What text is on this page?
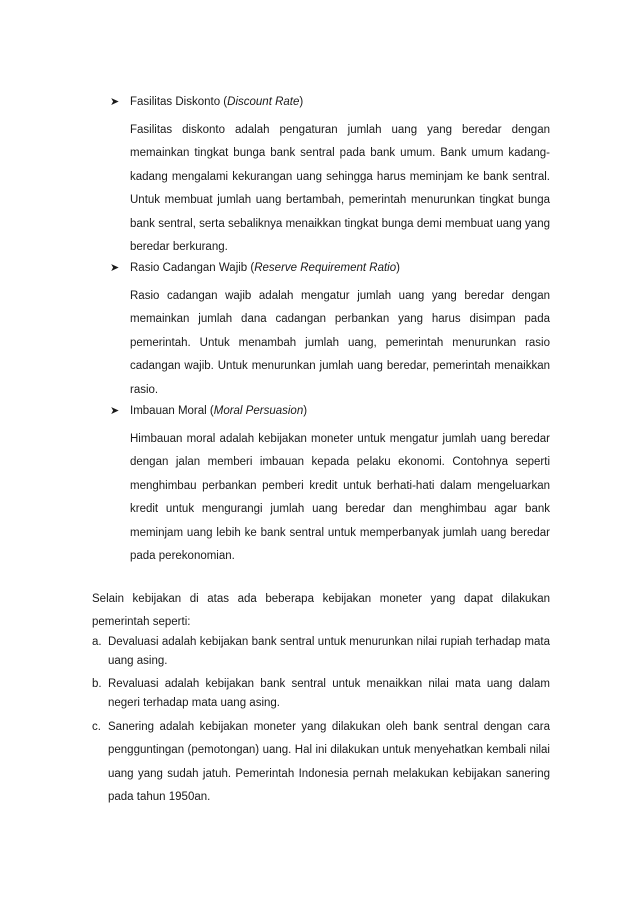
➤ Fasilitas Diskonto (Discount Rate)
Fasilitas diskonto adalah pengaturan jumlah uang yang beredar dengan memainkan tingkat bunga bank sentral pada bank umum. Bank umum kadang-kadang mengalami kekurangan uang sehingga harus meminjam ke bank sentral. Untuk membuat jumlah uang bertambah, pemerintah menurunkan tingkat bunga bank sentral, serta sebaliknya menaikkan tingkat bunga demi membuat uang yang beredar berkurang.
➤ Rasio Cadangan Wajib (Reserve Requirement Ratio)
Rasio cadangan wajib adalah mengatur jumlah uang yang beredar dengan memainkan jumlah dana cadangan perbankan yang harus disimpan pada pemerintah. Untuk menambah jumlah uang, pemerintah menurunkan rasio cadangan wajib. Untuk menurunkan jumlah uang beredar, pemerintah menaikkan rasio.
➤ Imbauan Moral (Moral Persuasion)
Himbauan moral adalah kebijakan moneter untuk mengatur jumlah uang beredar dengan jalan memberi imbauan kepada pelaku ekonomi. Contohnya seperti menghimbau perbankan pemberi kredit untuk berhati-hati dalam mengeluarkan kredit untuk mengurangi jumlah uang beredar dan menghimbau agar bank meminjam uang lebih ke bank sentral untuk memperbanyak jumlah uang beredar pada perekonomian.
Selain kebijakan di atas ada beberapa kebijakan moneter yang dapat dilakukan pemerintah seperti:
a. Devaluasi adalah kebijakan bank sentral untuk menurunkan nilai rupiah terhadap mata uang asing.
b. Revaluasi adalah kebijakan bank sentral untuk menaikkan nilai mata uang dalam negeri terhadap mata uang asing.
c. Sanering adalah kebijakan moneter yang dilakukan oleh bank sentral dengan cara pengguntingan (pemotongan) uang. Hal ini dilakukan untuk menyehatkan kembali nilai uang yang sudah jatuh. Pemerintah Indonesia pernah melakukan kebijakan sanering pada tahun 1950an.
